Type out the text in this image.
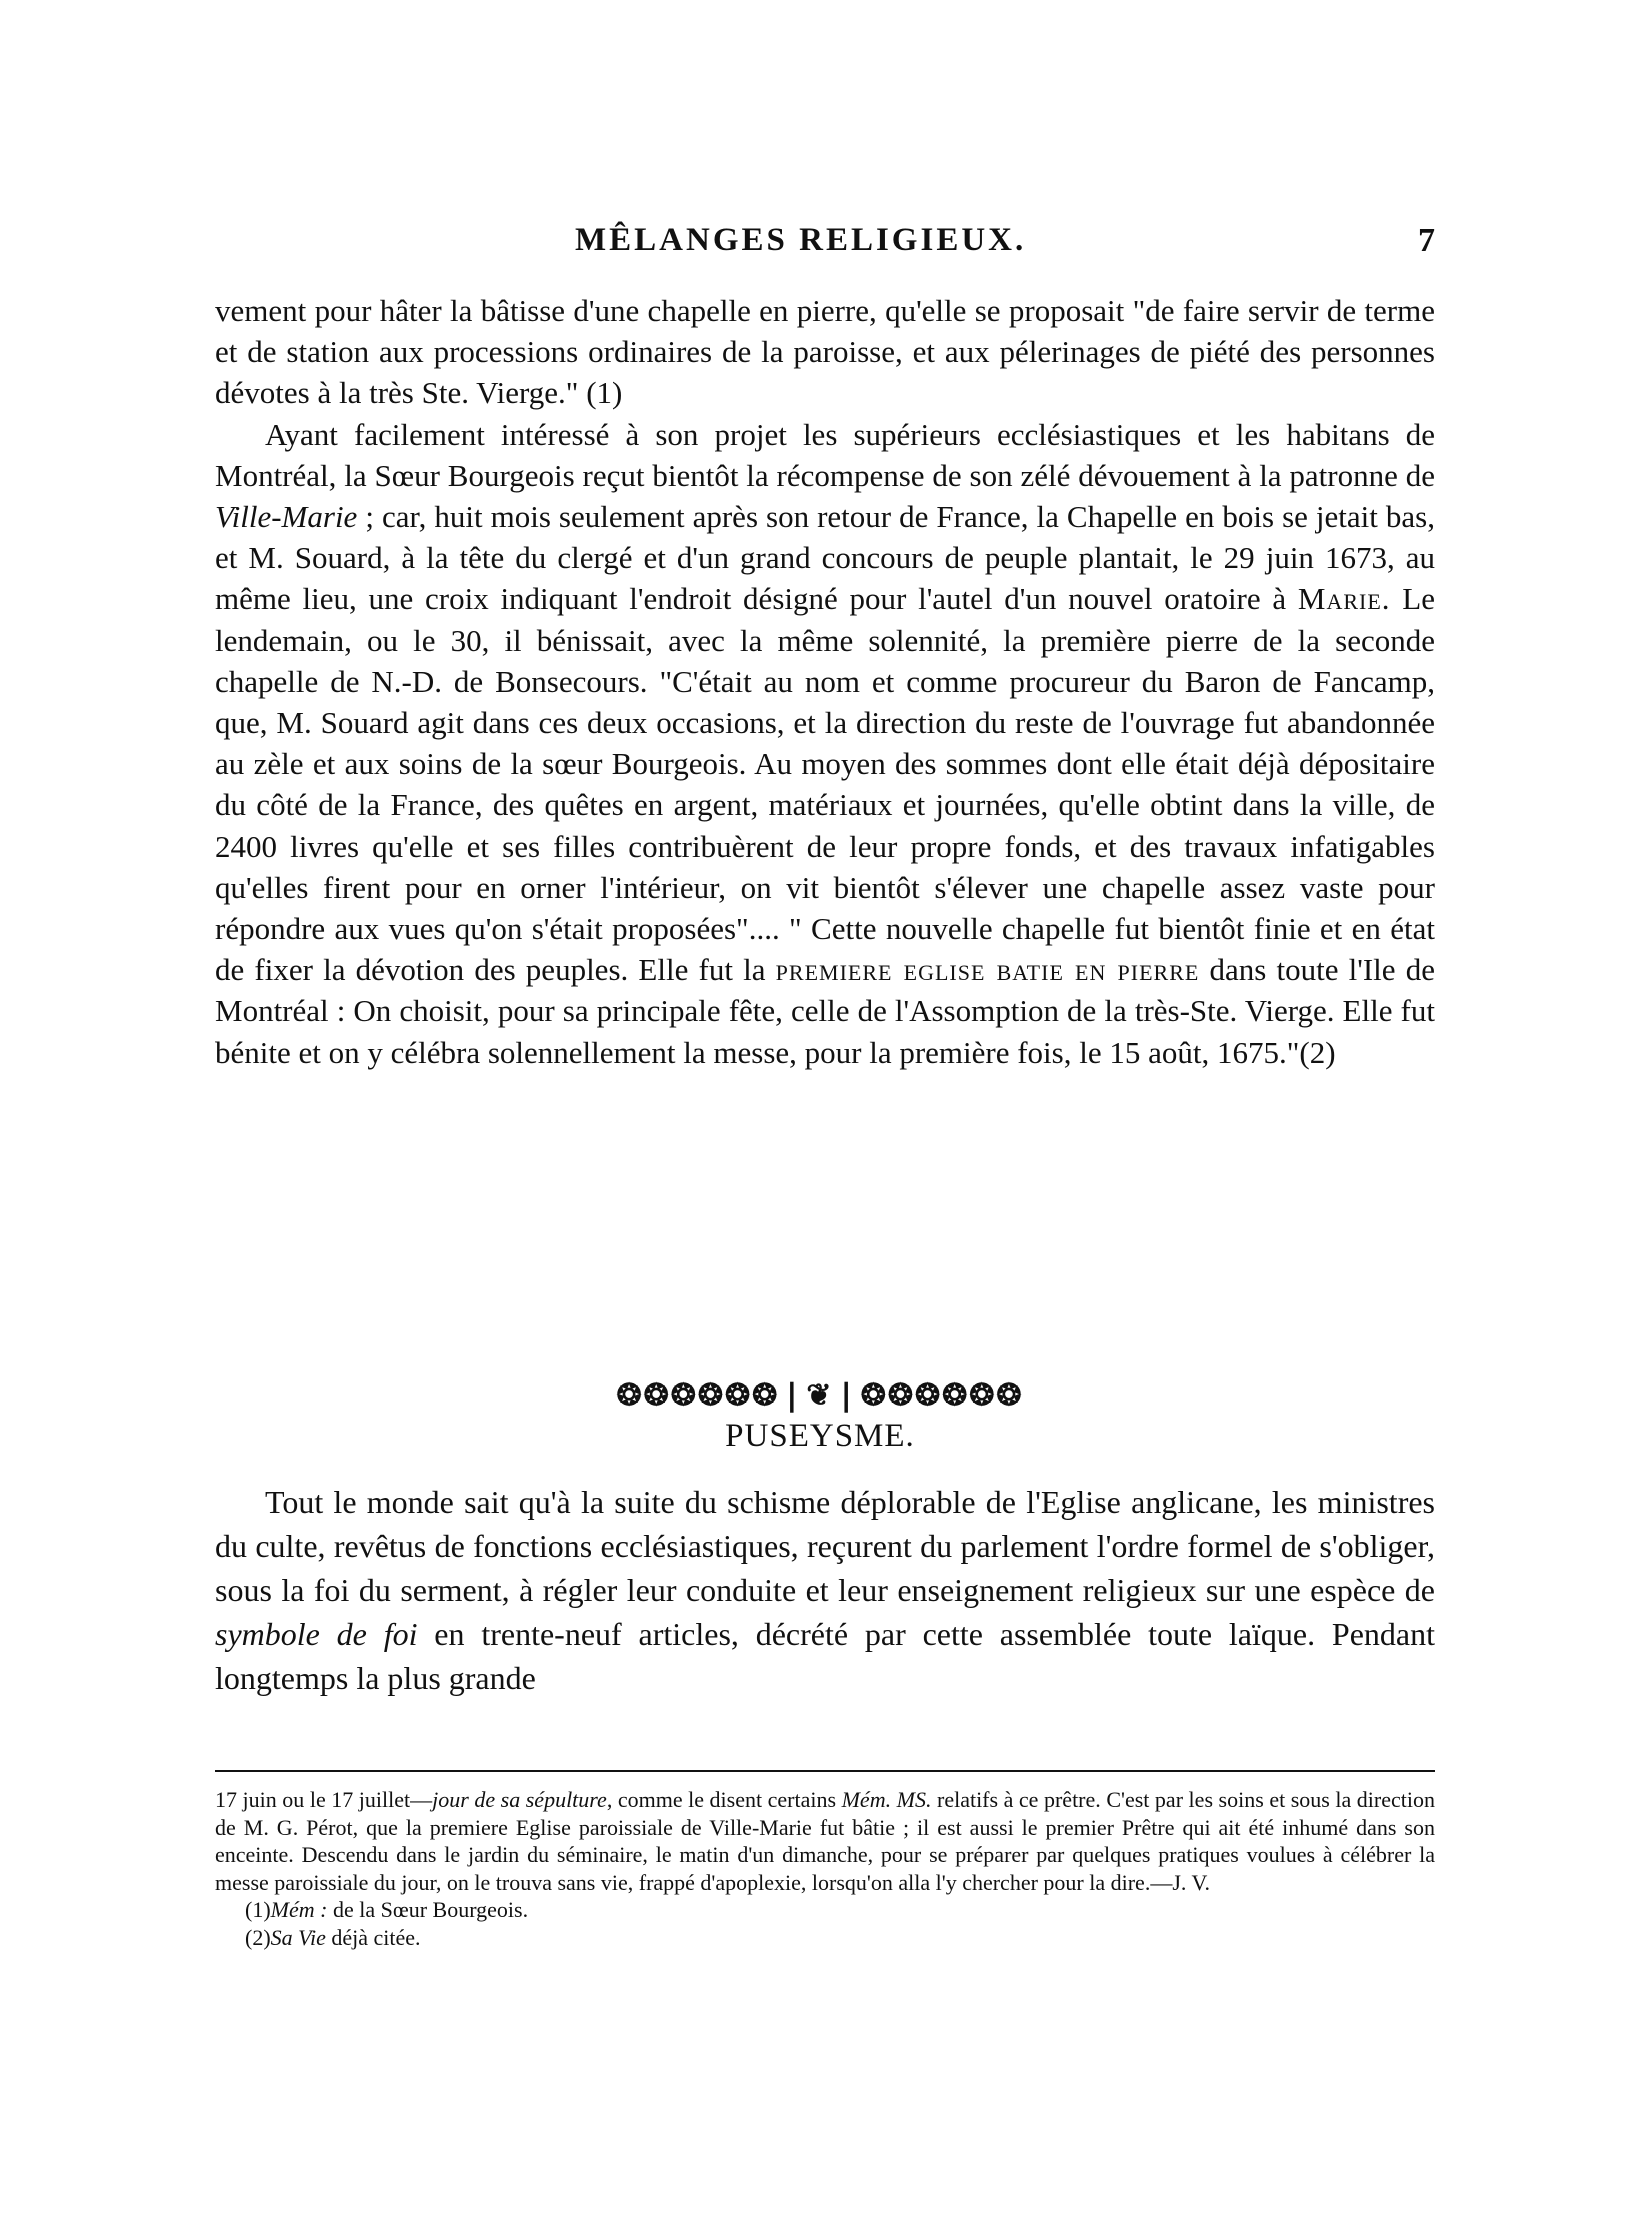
MÊLANGES RELIGIEUX.	7

vement pour hâter la bâtisse d'une chapelle en pierre, qu'elle se proposait "de faire servir de terme et de station aux processions ordinaires de la paroisse, et aux pélerinages de piété des personnes dévotes à la très Ste. Vierge." (1)

Ayant facilement intéressé à son projet les supérieurs ecclésiastiques et les habitans de Montréal, la Sœur Bourgeois reçut bientôt la récompense de son zélé dévouement à la patronne de Ville-Marie ; car, huit mois seulement après son retour de France, la Chapelle en bois se jetait bas, et M. Souard, à la tête du clergé et d'un grand concours de peuple plantait, le 29 juin 1673, au même lieu, une croix indiquant l'endroit désigné pour l'autel d'un nouvel oratoire à Marie. Le lendemain, ou le 30, il bénissait, avec la même solennité, la première pierre de la seconde chapelle de N.-D. de Bonsecours. "C'était au nom et comme procureur du Baron de Fancamp, que, M. Souard agit dans ces deux occasions, et la direction du reste de l'ouvrage fut abandonnée au zèle et aux soins de la sœur Bourgeois. Au moyen des sommes dont elle était déjà dépositaire du côté de la France, des quêtes en argent, matériaux et journées, qu'elle obtint dans la ville, de 2400 livres qu'elle et ses filles contribuèrent de leur propre fonds, et des travaux infatigables qu'elles firent pour en orner l'intérieur, on vit bientôt s'élever une chapelle assez vaste pour répondre aux vues qu'on s'était proposées".... " Cette nouvelle chapelle fut bientôt finie et en état de fixer la dévotion des peuples. Elle fut la premiere eglise batie en pierre dans toute l'Ile de Montréal : On choisit, pour sa principale fête, celle de l'Assomption de la très-Ste. Vierge. Elle fut bénite et on y célébra solennellement la messe, pour la première fois, le 15 août, 1675."(2)

❂❂❂❂❂❂❘❦❘❂❂❂❂❂❂
PUSEYSME.

Tout le monde sait qu'à la suite du schisme déplorable de l'Eglise anglicane, les ministres du culte, revêtus de fonctions ecclésiastiques, reçurent du parlement l'ordre formel de s'obliger, sous la foi du serment, à régler leur conduite et leur enseignement religieux sur une espèce de symbole de foi en trente-neuf articles, décrété par cette assemblée toute laïque. Pendant longtemps la plus grande

17 juin ou le 17 juillet—jour de sa sépulture, comme le disent certains Mém. MS. relatifs à ce prêtre. C'est par les soins et sous la direction de M. G. Pérot, que la premiere Eglise paroissiale de Ville-Marie fut bâtie ; il est aussi le premier Prêtre qui ait été inhumé dans son enceinte. Descendu dans le jardin du séminaire, le matin d'un dimanche, pour se préparer par quelques pratiques voulues à célébrer la messe paroissiale du jour, on le trouva sans vie, frappé d'apoplexie, lorsqu'on alla l'y chercher pour la dire.—J. V.

(1)Mém : de la Sœur Bourgeois.

(2)Sa Vie déjà citée.
